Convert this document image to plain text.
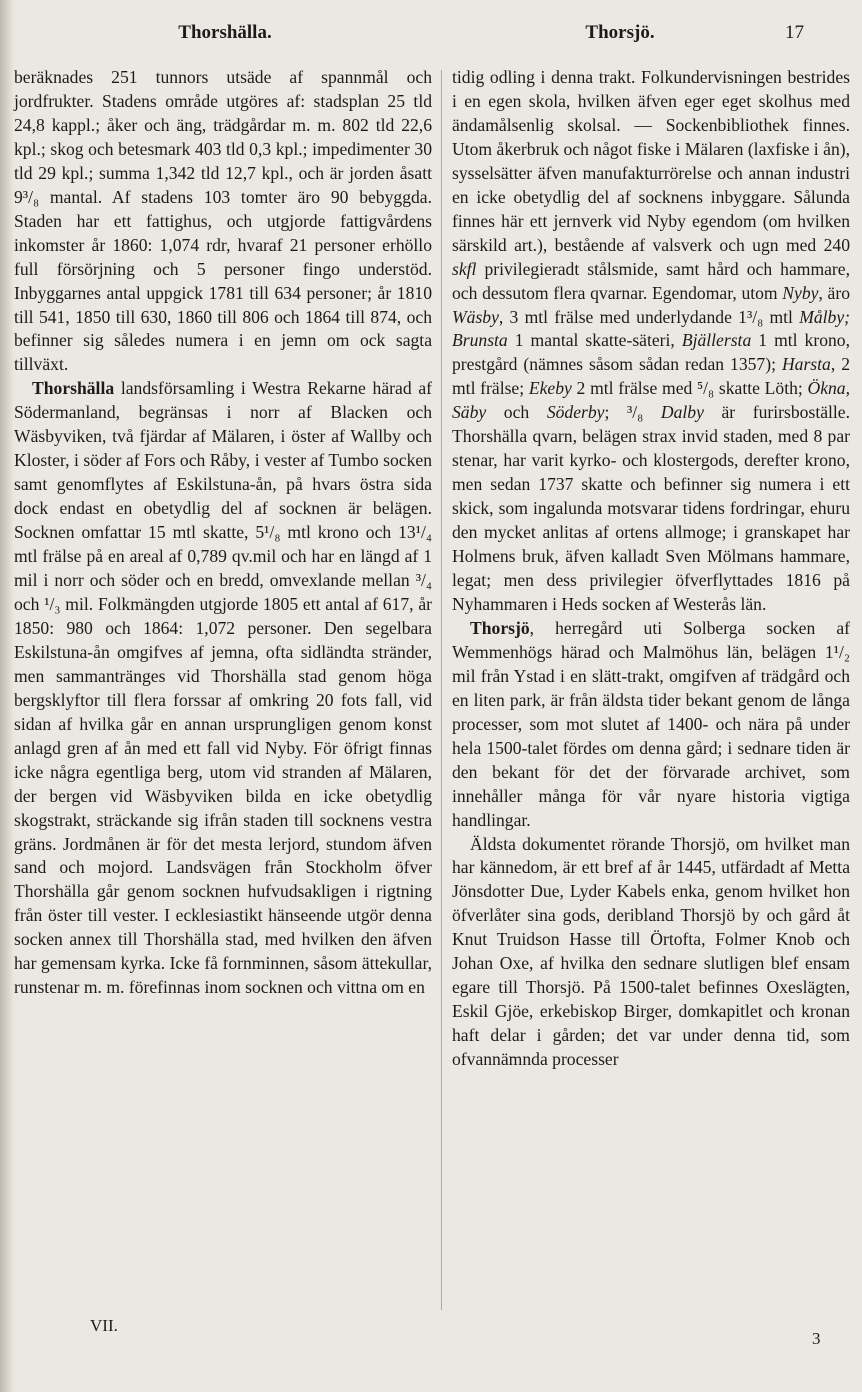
Thorshälla.	Thorsjö.	17

beräknades 251 tunnors utsäde af spannmål och jordfrukter. Stadens område utgöres af: stadsplan 25 tld 24,8 kappl.; åker och äng, trädgårdar m. m. 802 tld 22,6 kpl.; skog och betesmark 403 tld 0,3 kpl.; impedimenter 30 tld 29 kpl.; summa 1,342 tld 12,7 kpl., och är jorden åsatt 9³/₈ mantal. Af stadens 103 tomter äro 90 bebyggda. Staden har ett fattighus, och utgjorde fattigvårdens inkomster år 1860: 1,074 rdr, hvaraf 21 personer erhöllo full försörjning och 5 personer fingo understöd. Inbyggarnes antal uppgick 1781 till 634 personer; år 1810 till 541, 1850 till 630, 1860 till 806 och 1864 till 874, och befinner sig således numera i en jemn om ock sagta tillväxt.

Thorshälla landsförsamling i Westra Rekarne härad af Södermanland, begränsas i norr af Blacken och Wäsbyviken, två fjärdar af Mälaren, i öster af Wallby och Kloster, i söder af Fors och Råby, i vester af Tumbo socken samt genomflytes af Eskilstuna-ån, på hvars östra sida dock endast en obetydlig del af socknen är belägen. Socknen omfattar 15 mtl skatte, 5¹/₈ mtl krono och 13¹/₄ mtl frälse på en areal af 0,789 qv.mil och har en längd af 1 mil i norr och söder och en bredd, omvexlande mellan ³/₄ och ¹/₃ mil. Folkmängden utgjorde 1805 ett antal af 617, år 1850: 980 och 1864: 1,072 personer. Den segelbara Eskilstuna-ån omgifves af jemna, ofta sidländta stränder, men sammantränges vid Thorshälla stad genom höga bergsklyftor till flera forssar af omkring 20 fots fall, vid sidan af hvilka går en annan ursprungligen genom konst anlagd gren af ån med ett fall vid Nyby. För öfrigt finnas icke några egentliga berg, utom vid stranden af Mälaren, der bergen vid Wäsbyviken bilda en icke obetydlig skogstrakt, sträckande sig ifrån staden till socknens vestra gräns. Jordmånen är för det mesta lerjord, stundom äfven sand och mojord. Landsvägen från Stockholm öfver Thorshälla går genom socknen hufvudsakligen i rigtning från öster till vester. I ecklesiastikt hänseende utgör denna socken annex till Thorshälla stad, med hvilken den äfven har gemensam kyrka. Icke få fornminnen, såsom ättekullar, runstenar m. m. förefinnas inom socknen och vittna om en

tidig odling i denna trakt. Folkundervisningen bestrides i en egen skola, hvilken äfven eger eget skolhus med ändamålsenlig skolsal. — Sockenbibliothek finnes. Utom åkerbruk och något fiske i Mälaren (laxfiske i ån), sysselsätter äfven manufakturrörelse och annan industri en icke obetydlig del af socknens inbyggare. Sålunda finnes här ett jernverk vid Nyby egendom (om hvilken särskild art.), bestående af valsverk och ugn med 240 skfl privilegieradt stålsmide, samt hård och hammare, och dessutom flera qvarnar. Egendomar, utom Nyby, äro Wäsby, 3 mtl frälse med underlydande 1³/₈ mtl Målby; Brunsta 1 mantal skatte-säteri, Bjällersta 1 mtl krono, prestgård (nämnes såsom sådan redan 1357); Harsta, 2 mtl frälse; Ekeby 2 mtl frälse med ⁵/₈ skatte Löth; Ökna, Säby och Söderby; ³/₈ Dalby är furirsboställe. Thorshälla qvarn, belägen strax invid staden, med 8 par stenar, har varit kyrko- och klostergods, derefter krono, men sedan 1737 skatte och befinner sig numera i ett skick, som ingalunda motsvarar tidens fordringar, ehuru den mycket anlitas af ortens allmoge; i granskapet har Holmens bruk, äfven kalladt Sven Mölmans hammare, legat; men dess privilegier öfverflyttades 1816 på Nyhammaren i Heds socken af Westerås län.

Thorsjö, herregård uti Solberga socken af Wemmenhögs härad och Malmöhus län, belägen 1¹/₂ mil från Ystad i en slätt-trakt, omgifven af trädgård och en liten park, är från äldsta tider bekant genom de långa processer, som mot slutet af 1400- och nära på under hela 1500-talet fördes om denna gård; i sednare tiden är den bekant för det der förvarade archivet, som innehåller många för vår nyare historia vigtiga handlingar.

Äldsta dokumentet rörande Thorsjö, om hvilket man har kännedom, är ett bref af år 1445, utfärdadt af Metta Jönsdotter Due, Lyder Kabels enka, genom hvilket hon öfverlåter sina gods, deribland Thorsjö by och gård åt Knut Truidson Hasse till Örtofta, Folmer Knob och Johan Oxe, af hvilka den sednare slutligen blef ensam egare till Thorsjö. På 1500-talet befinnes Oxeslägten, Eskil Gjöe, erkebiskop Birger, domkapitlet och kronan haft delar i gården; det var under denna tid, som ofvannämnda processer

VII.
3
